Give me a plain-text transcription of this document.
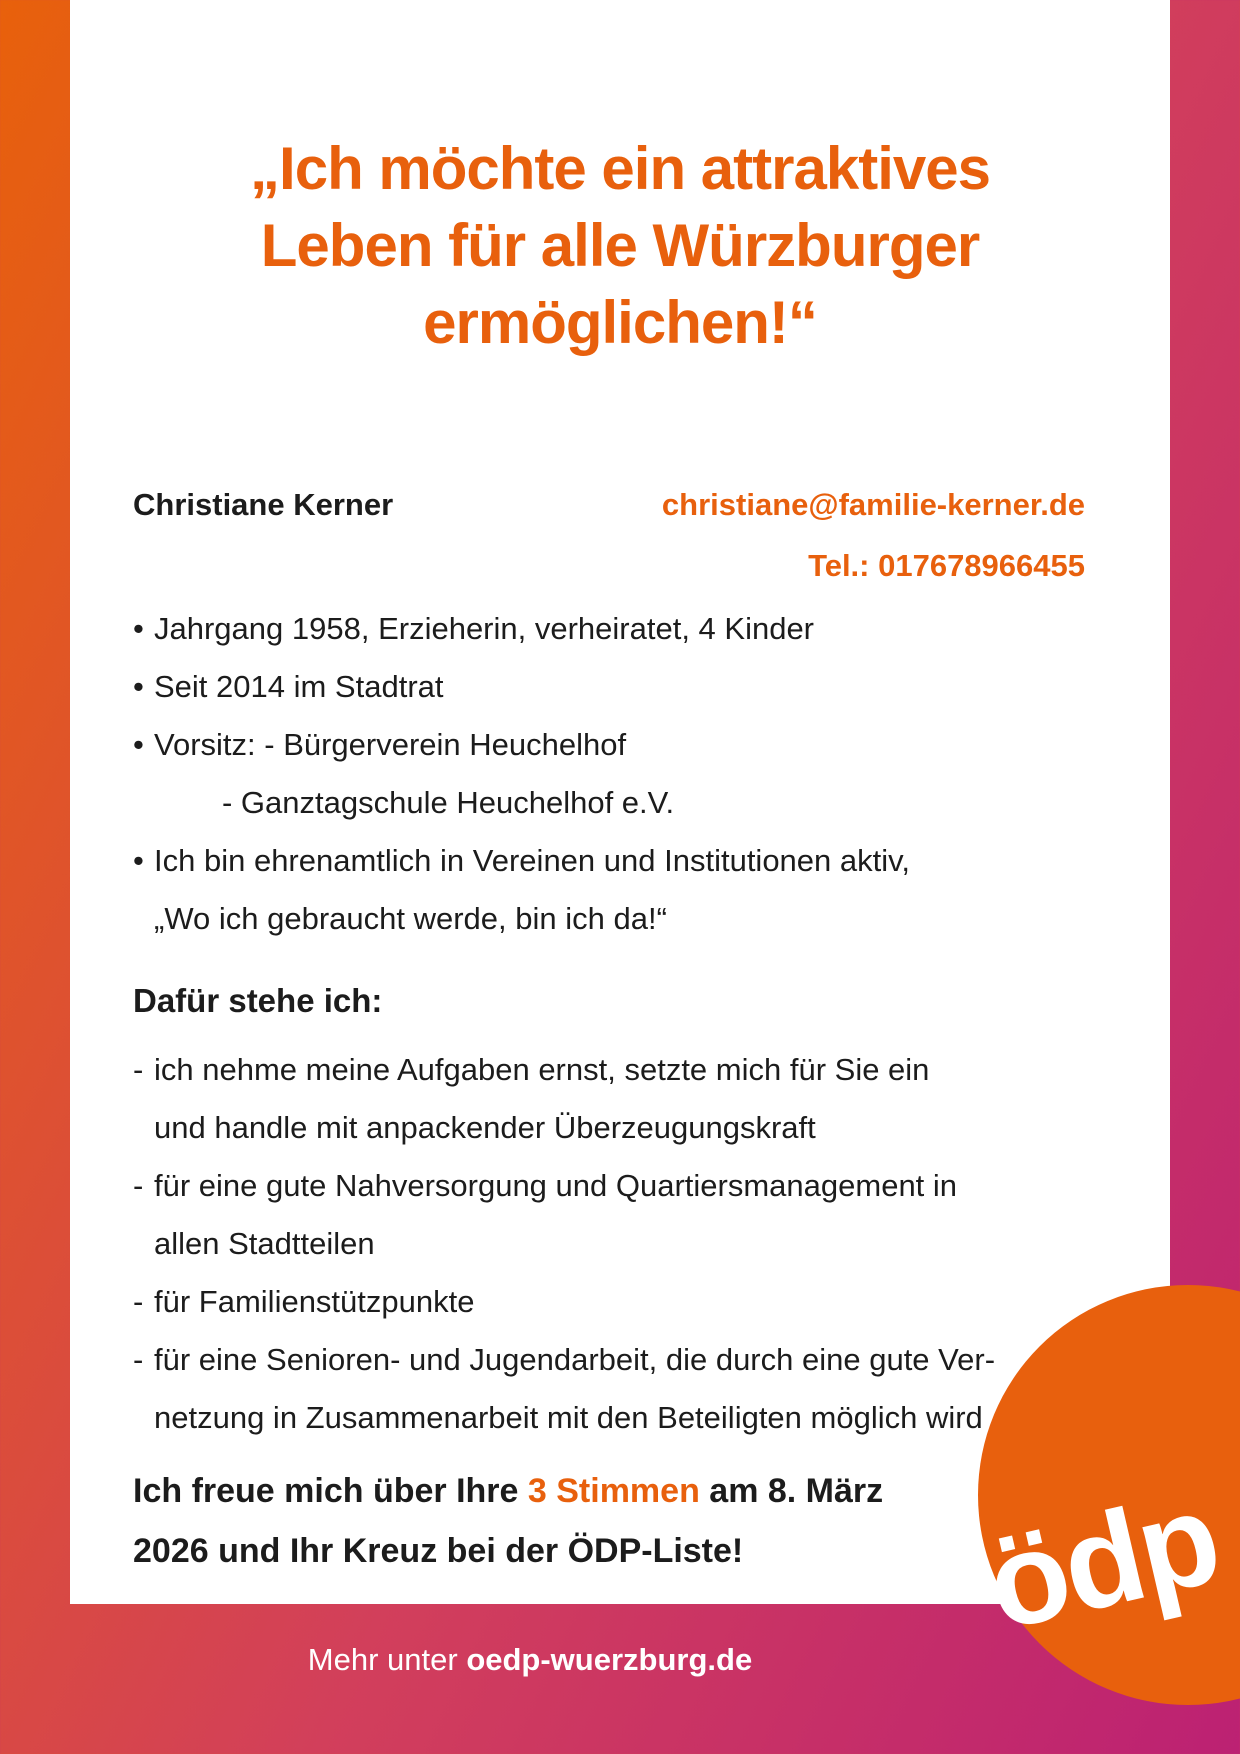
„Ich möchte ein attraktives
Leben für alle Würzburger
ermöglichen!“
Christiane Kerner	christiane@familie-kerner.de
Tel.: 017678966455
• Jahrgang 1958, Erzieherin, verheiratet, 4 Kinder
• Seit 2014 im Stadtrat
• Vorsitz: - Bürgerverein Heuchelhof
- Ganztagschule Heuchelhof e.V.
• Ich bin ehrenamtlich in Vereinen und Institutionen aktiv,
„Wo ich gebraucht werde, bin ich da!“
Dafür stehe ich:
- ich nehme meine Aufgaben ernst, setzte mich für Sie ein
und handle mit anpackender Überzeugungskraft
- für eine gute Nahversorgung und Quartiersmanagement in
allen Stadtteilen
- für Familienstützpunkte
- für eine Senioren- und Jugendarbeit, die durch eine gute Ver-
netzung in Zusammenarbeit mit den Beteiligten möglich wird
Ich freue mich über Ihre 3 Stimmen am 8. März
2026 und Ihr Kreuz bei der ÖDP-Liste!	ödp
Mehr unter oedp-wuerzburg.de
